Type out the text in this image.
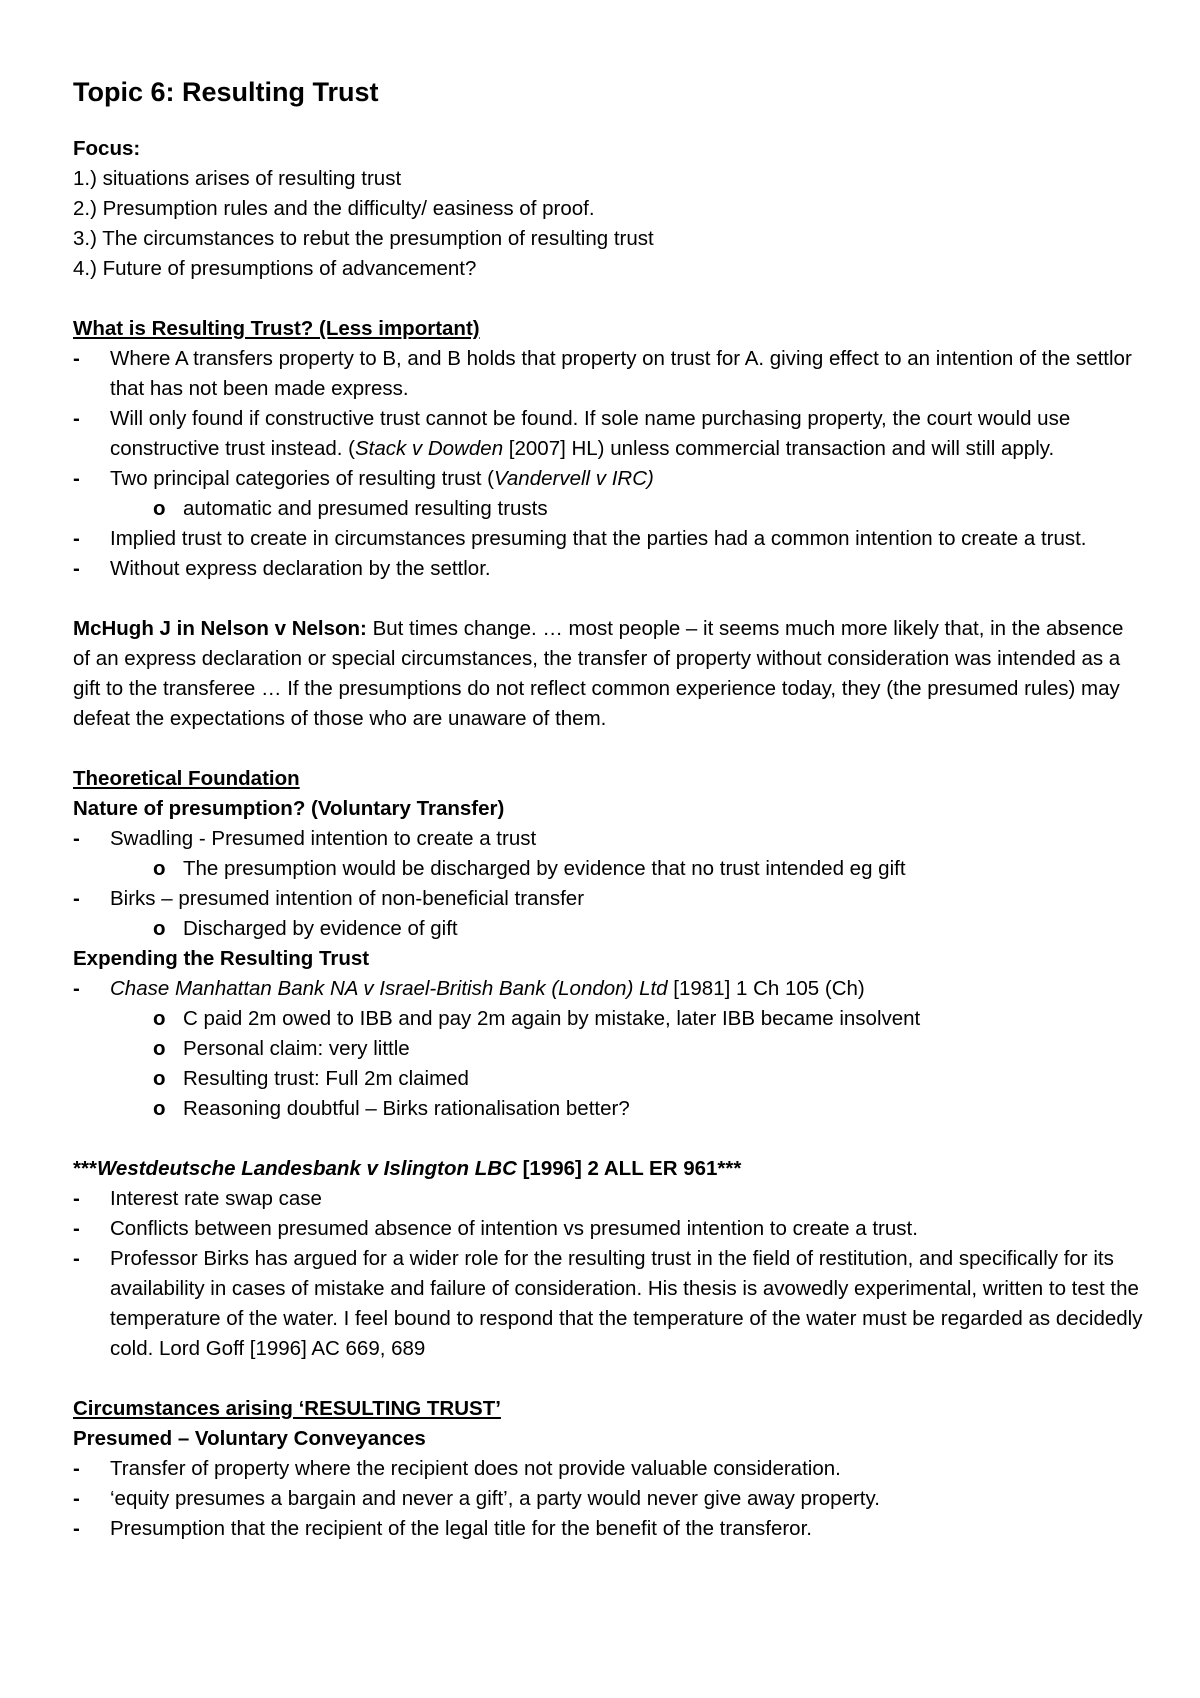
Topic 6: Resulting Trust
Focus:
1.) situations arises of resulting trust
2.) Presumption rules and the difficulty/ easiness of proof.
3.) The circumstances to rebut the presumption of resulting trust
4.) Future of presumptions of advancement?
What is Resulting Trust? (Less important)
- Where A transfers property to B, and B holds that property on trust for A. giving effect to an intention of the settlor that has not been made express.
- Will only found if constructive trust cannot be found. If sole name purchasing property, the court would use constructive trust instead. (Stack v Dowden [2007] HL) unless commercial transaction and will still apply.
- Two principal categories of resulting trust (Vandervell v IRC)
o automatic and presumed resulting trusts
- Implied trust to create in circumstances presuming that the parties had a common intention to create a trust.
- Without express declaration by the settlor.

McHugh J in Nelson v Nelson: But times change. … most people – it seems much more likely that, in the absence of an express declaration or special circumstances, the transfer of property without consideration was intended as a gift to the transferee … If the presumptions do not reflect common experience today, they (the presumed rules) may defeat the expectations of those who are unaware of them.

Theoretical Foundation
Nature of presumption? (Voluntary Transfer)
- Swadling - Presumed intention to create a trust
o The presumption would be discharged by evidence that no trust intended eg gift
- Birks – presumed intention of non-beneficial transfer
o Discharged by evidence of gift
Expending the Resulting Trust
- Chase Manhattan Bank NA v Israel-British Bank (London) Ltd [1981] 1 Ch 105 (Ch)
o C paid 2m owed to IBB and pay 2m again by mistake, later IBB became insolvent
o Personal claim: very little
o Resulting trust: Full 2m claimed
o Reasoning doubtful – Birks rationalisation better?
***Westdeutsche Landesbank v Islington LBC [1996] 2 ALL ER 961***
- Interest rate swap case
- Conflicts between presumed absence of intention vs presumed intention to create a trust.
- Professor Birks has argued for a wider role for the resulting trust in the field of restitution, and specifically for its availability in cases of mistake and failure of consideration. His thesis is avowedly experimental, written to test the temperature of the water. I feel bound to respond that the temperature of the water must be regarded as decidedly cold. Lord Goff [1996] AC 669, 689
Circumstances arising ‘RESULTING TRUST’
Presumed – Voluntary Conveyances
- Transfer of property where the recipient does not provide valuable consideration.
- ‘equity presumes a bargain and never a gift’, a party would never give away property.
- Presumption that the recipient of the legal title for the benefit of the transferor.
